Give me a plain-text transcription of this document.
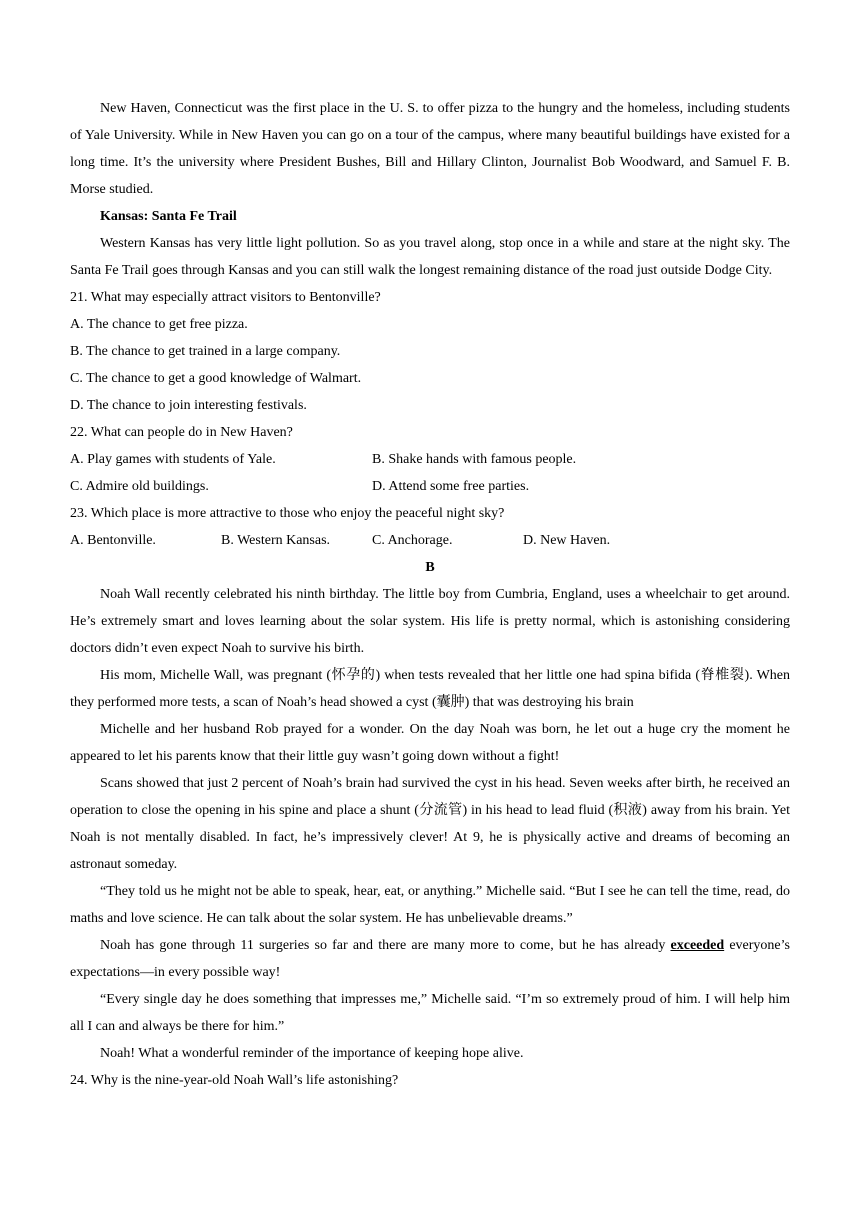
New Haven, Connecticut was the first place in the U. S. to offer pizza to the hungry and the homeless, including students of Yale University. While in New Haven you can go on a tour of the campus, where many beautiful buildings have existed for a long time. It’s the university where President Bushes, Bill and Hillary Clinton, Journalist Bob Woodward, and Samuel F. B. Morse studied.

Kansas: Santa Fe Trail

Western Kansas has very little light pollution. So as you travel along, stop once in a while and stare at the night sky. The Santa Fe Trail goes through Kansas and you can still walk the longest remaining distance of the road just outside Dodge City.

21. What may especially attract visitors to Bentonville?

A. The chance to get free pizza.

B. The chance to get trained in a large company.

C. The chance to get a good knowledge of Walmart.

D. The chance to join interesting festivals.

22. What can people do in New Haven?

A. Play games with students of Yale.	B. Shake hands with famous people.
C. Admire old buildings.	D. Attend some free parties.

23. Which place is more attractive to those who enjoy the peaceful night sky?

A. Bentonville.	B. Western Kansas.	C. Anchorage.	D. New Haven.

B

Noah Wall recently celebrated his ninth birthday. The little boy from Cumbria, England, uses a wheelchair to get around. He’s extremely smart and loves learning about the solar system. His life is pretty normal, which is astonishing considering doctors didn’t even expect Noah to survive his birth.

His mom, Michelle Wall, was pregnant (怀孕的) when tests revealed that her little one had spina bifida (脊椎裂). When they performed more tests, a scan of Noah’s head showed a cyst (囊肿) that was destroying his brain

Michelle and her husband Rob prayed for a wonder. On the day Noah was born, he let out a huge cry the moment he appeared to let his parents know that their little guy wasn’t going down without a fight!

Scans showed that just 2 percent of Noah’s brain had survived the cyst in his head. Seven weeks after birth, he received an operation to close the opening in his spine and place a shunt (分流管) in his head to lead fluid (积液) away from his brain. Yet Noah is not mentally disabled. In fact, he’s impressively clever! At 9, he is physically active and dreams of becoming an astronaut someday.

“They told us he might not be able to speak, hear, eat, or anything.” Michelle said. “But I see he can tell the time, read, do maths and love science. He can talk about the solar system. He has unbelievable dreams.”

Noah has gone through 11 surgeries so far and there are many more to come, but he has already exceeded everyone’s expectations—in every possible way!

“Every single day he does something that impresses me,” Michelle said. “I’m so extremely proud of him. I will help him all I can and always be there for him.”

Noah! What a wonderful reminder of the importance of keeping hope alive.

24. Why is the nine-year-old Noah Wall’s life astonishing?
